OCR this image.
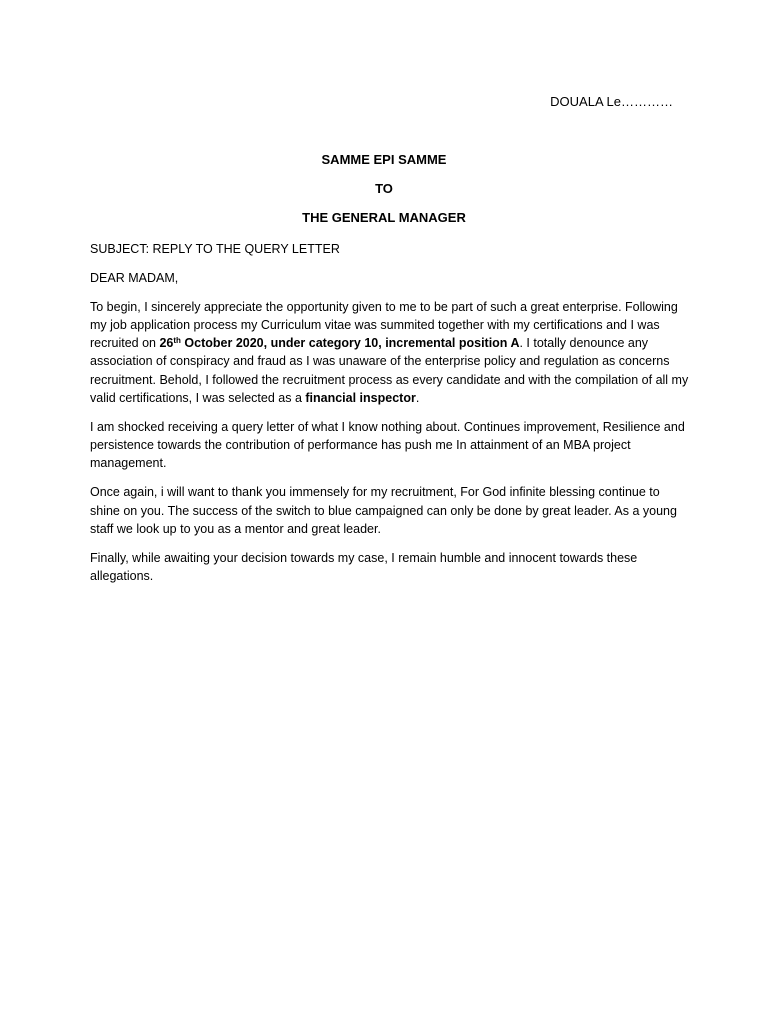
DOUALA Le…………
SAMME EPI SAMME
TO
THE GENERAL MANAGER

SUBJECT: REPLY TO THE QUERY LETTER

DEAR MADAM,

To begin, I sincerely appreciate the opportunity given to me to be part of such a great enterprise. Following my job application process my Curriculum vitae was summited together with my certifications and I was recruited on 26th October 2020, under category 10, incremental position A. I totally denounce any association of conspiracy and fraud as I was unaware of the enterprise policy and regulation as concerns recruitment. Behold, I followed the recruitment process as every candidate and with the compilation of all my valid certifications, I was selected as a financial inspector.

I am shocked receiving a query letter of what I know nothing about. Continues improvement, Resilience and persistence towards the contribution of performance has push me In attainment of an MBA project management.

Once again, i will want to thank you immensely for my recruitment, For God infinite blessing continue to shine on you. The success of the switch to blue campaigned can only be done by great leader. As a young staff we look up to you as a mentor and great leader.

Finally, while awaiting your decision towards my case, I remain humble and innocent towards these allegations.
